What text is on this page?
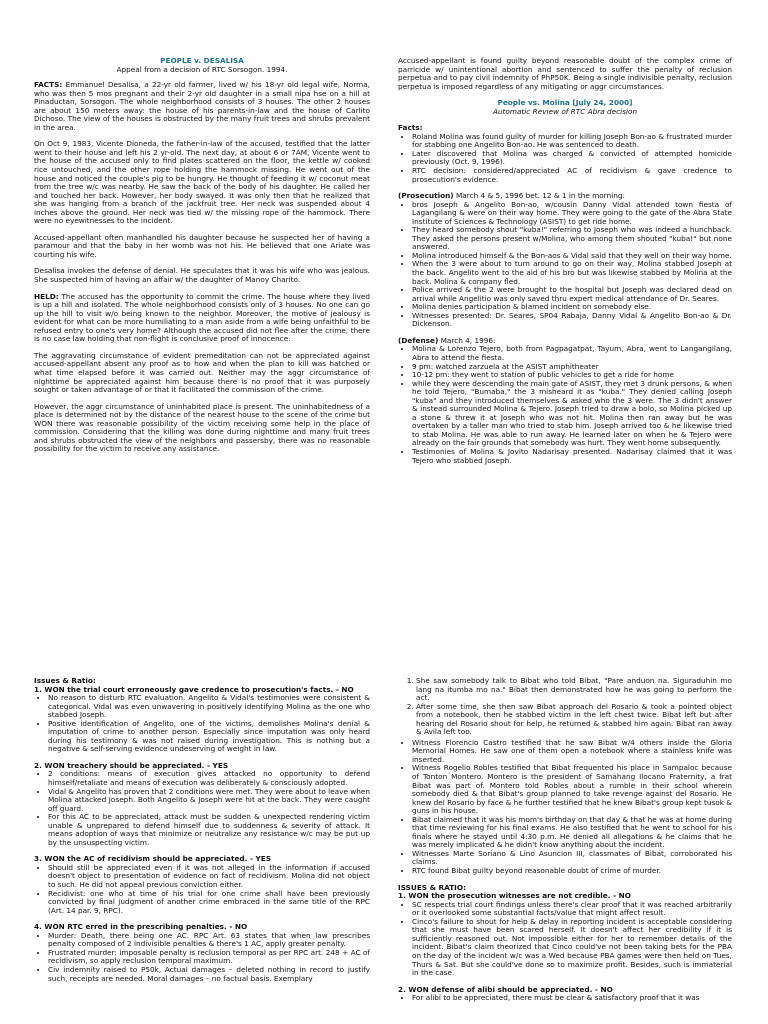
PEOPLE v. DESALISA

Appeal from a decision of RTC Sorsogon. 1994.

FACTS: Emmanuel Desalisa, a 22-yr old farmer, lived w/ his 18-yr old legal wife, Norma, who was then 5 mos pregnant and their 2-yr old daughter in a small nipa hse on a hill at Pinaductan, Sorsogon. The whole neighborhood consists of 3 houses. The other 2 houses are about 150 meters away: the house of his parents-in-law and the house of Carlito Dichoso. The view of the houses is obstructed by the many fruit trees and shrubs prevalent in the area.

On Oct 9, 1983, Vicente Dioneda, the father-in-law of the accused, testified that the latter went to their house and left his 2 yr-old. The next day, at about 6 or 7AM, Vicente went to the house of the accused only to find plates scattered on the floor, the kettle w/ cooked rice untouched, and the other rope holding the hammock missing. He went out of the house and noticed the couple's pig to be hungry. He thought of feeding it w/ coconut meat from the tree w/c was nearby. He saw the back of the body of his daughter. He called her and touched her back. However, her body swayed. It was only then that he realized that she was hanging from a branch of the jackfruit tree. Her neck was suspended about 4 inches above the ground. Her neck was tied w/ the missing rope of the hammock. There were no eyewitnesses to the incident.

Accused-appellant often manhandled his daughter because he suspected her of having a paramour and that the baby in her womb was not his. He believed that one Ariate was courting his wife.

Desalisa invokes the defense of denial. He speculates that it was his wife who was jealous. She suspected him of having an affair w/ the daughter of Manoy Charito.

HELD: The accused has the opportunity to commit the crime. The house where they lived is up a hill and isolated. The whole neighborhood consists only of 3 houses. No one can go up the hill to visit w/o being known to the neighbor. Moreover, the motive of jealousy is evident for what can be more humiliating to a man aside from a wife being unfaithful to be refused entry to one's very home? Although the accused did not flee after the crime, there is no case law holding that non-flight is conclusive proof of innocence.

The aggravating circumstance of evident premeditation can not be appreciated against accused-appellant absent any proof as to how and when the plan to kill was hatched or what time elapsed before it was carried out. Neither may the aggr circumstance of nighttime be appreciated against him because there is no proof that it was purposely sought or taken advantage of or that it facilitated the commission of the crime.

However, the aggr circumstance of uninhabited place is present. The uninhabitedness of a place is determined not by the distance of the nearest house to the scene of the crime but WON there was reasonable possibility of the victim receiving some help in the place of commission. Considering that the killing was done during nighttime and many fruit trees and shrubs obstructed the view of the neighbors and passersby, there was no reasonable possibility for the victim to receive any assistance.

Accused-appellant is found guilty beyond reasonable doubt of the complex crime of parricide w/ unintentional abortion and sentenced to suffer the penalty of reclusion perpetua and to pay civil indemnity of PhP50K. Being a single indivisible penalty, reclusion perpetua is imposed regardless of any mitigating or aggr circumstances.

People vs. Molina [July 24, 2000]

Automatic Review of RTC Abra decision

Facts:

• Roland Molina was found guilty of murder for killing Joseph Bon-ao & frustrated murder for stabbing one Angelito Bon-ao. He was sentenced to death.
• Later discovered that Molina was charged & convicted of attempted homicide previously (Oct. 9, 1996).
• RTC decision: considered/appreciated AC of recidivism & gave credence to prosecution's evidence.

(Prosecution) March 4 & 5, 1996 bet. 12 & 1 in the morning:

• bros Joseph & Angelito Bon-ao, w/cousin Danny Vidal attended town fiesta of Lagangilang & were on their way home. They were going to the gate of the Abra State Institute of Sciences & Technology (ASIST) to get ride home.
• They heard somebody shout "kuba!" referring to Joseph who was indeed a hunchback. They asked the persons present w/Molina, who among them shouted "kuba!" but none answered.
• Molina introduced himself & the Bon-aos & Vidal said that they well on their way home.
• When the 3 were about to turn around to go on their way, Molina stabbed Joseph at the back. Angelito went to the aid of his bro but was likewise stabbed by Molina at the back. Molina & company fled.
• Police arrived & the 2 were brought to the hospital but Joseph was declared dead on arrival while Angelitio was only saved thru expert medical attendance of Dr. Seares.
• Molina denies participation & blamed incident on somebody else.
• Witnesses presented: Dr. Seares, SP04 Rabaja, Danny Vidal & Angelito Bon-ao & Dr. Dickenson.

(Defense) March 4, 1996:

• Molina & Lorenzo Tejero, both from Pagpagatpat, Tayum, Abra, went to Langangilang, Abra to attend the fiesta.
• 9 pm: watched zarzuela at the ASIST amphitheater
• 10-12 pm: they went to station of public vehicles to get a ride for home
• while they were descending the main gate of ASIST, they met 3 drunk persons, & when he told Tejero, "Bumaba," the 3 misheard it as "kuba." They denied calling Joseph "kuba" and they introduced themselves & asked who the 3 were. The 3 didn't answer & instead surrounded Molina & Tejero. Joseph tried to draw a bolo, so Molina picked up a stone & threw it at Joseph who was not hit. Molina then ran away but he was overtaken by a taller man who tried to stab him. Joseph arrived too & he likewise tried to stab Molina. He was able to run away. He learned later on when he & Tejero were already on the fair grounds that somebody was hurt. They went home subsequently.
• Testimonies of Molina & Jovito Nadarisay presented. Nadarisay claimed that it was Tejero who stabbed Joseph.

Issues & Ratio:

1. WON the trial court erroneously gave credence to prosecution's facts. - NO

• No reason to disturb RTC evaluation. Angelito & Vidal's testimonies were consistent & categorical. Vidal was even unwavering in positively identifying Molina as the one who stabbed Joseph.
• Positive identification of Angelito, one of the victims, demolishes Molina's denial & imputation of crime to another person. Especially since imputation was only heard during his testimony & was not raised during investigation. This is nothing but a negative & self-serving evidence undeserving of weight in law.

2. WON treachery should be appreciated. - YES

• 2 conditions: means of execution gives attacked no opportunity to defend himself/retaliate and means of execution was deliberately & consciously adopted.
• Vidal & Angelito has proven that 2 conditions were met. They were about to leave when Molina attacked Joseph. Both Angelito & Joseph were hit at the back. They were caught off guard.
• For this AC to be appreciated, attack must be sudden & unexpected rendering victim unable & unprepared to defend himself due to suddenness & severity of attack. It means adoption of ways that minimize or neutralize any resistance w/c may be put up by the unsuspecting victim.

3. WON the AC of recidivism should be appreciated. - YES

• Should still be appreciated even if it was not alleged in the information if accused doesn't object to presentation of evidence on fact of recidivism. Molina did not object to such. He did not appeal previous conviction either.
• Recidivist: one who at time of his trial for one crime shall have been previously convicted by final judgment of another crime embraced in the same title of the RPC (Art. 14 par. 9, RPC).

4. WON RTC erred in the prescribing penalties. - NO

• Murder: Death, there being one AC. RPC Art. 63 states that when law prescribes penalty composed of 2 indivisible penalties & there's 1 AC, apply greater penalty.
• Frustrated murder: imposable penalty is reclusion temporal as per RPC art. 248 + AC of recidivism, so apply reclusion temporal maximum.
• Civ indemnity raised to P50k, Actual damages – deleted nothing in record to justify such, receipts are needed. Moral damages – no factual basis. Exemplary
1. She saw somebody talk to Bibat who told Bibat, "Pare anduon na. Siguraduhin mo lang na itumba mo na." Bibat then demonstrated how he was going to perform the act.
2. After some time, she then saw Bibat approach del Rosario & took a pointed object from a notebook, then he stabbed victim in the left chest twice. Bibat left but after hearing del Rosario shout for help, he returned & stabbed him again. Bibat ran away & Avila left too.
• Witness Florencio Castro testified that he saw Bibat w/4 others inside the Gloria Memorial Homes. He saw one of them open a notebook where a stainless knife was inserted.
• Witness Rogelio Robles testified that Bibat frequented his place in Sampaloc because of Tonton Montero. Montero is the president of Samahang Ilocano Fraternity, a frat Bibat was part of. Montero told Robles about a rumble in their school wherein somebody died & that Bibat's group planned to take revenge against del Rosario. He knew del Rosario by face & he further testified that he knew Bibat's group kept tusok & guns in his house.
• Bibat claimed that it was his mom's birthday on that day & that he was at home during that time reviewing for his final exams. He also testified that he went to school for his finals where he stayed until 4:30 p.m. He denied all allegations & he claims that he was merely implicated & he didn't know anything about the incident.
• Witnesses Marte Soriano & Lino Asuncion III, classmates of Bibat, corroborated his claims.
• RTC found Bibat guilty beyond reasonable doubt of crime of murder.

ISSUES & RATIO:

1. WON the prosecution witnesses are not credible. - NO

• SC respects trial court findings unless there's clear proof that it was reached arbitrarily or it overlooked some substantial facts/value that might affect result.
• Cinco's failure to shout for help & delay in reporting incident is acceptable considering that she must have been scared herself. It doesn't affect her credibility if it is sufficiently reasoned out. Not impossible either for her to remember details of the incident. Bibat's claim theorized that Cinco could've not been taking bets for the PBA on the day of the incident w/c was a Wed because PBA games were then held on Tues, Thurs & Sat. But she could've done so to maximize profit. Besides, such is immaterial in the case.

2. WON defense of alibi should be appreciated. - NO

• For alibi to be appreciated, there must be clear & satisfactory proof that it was
